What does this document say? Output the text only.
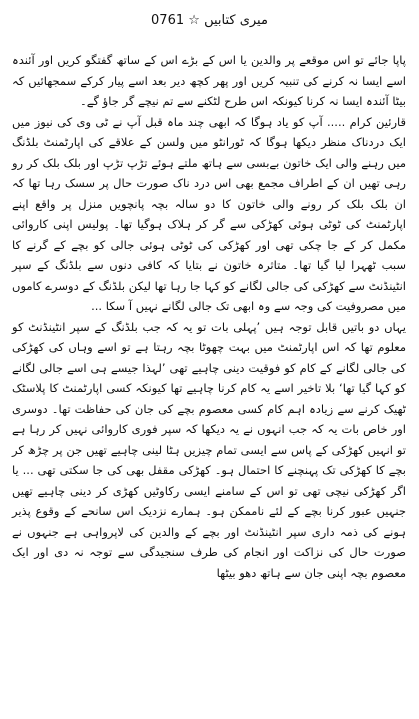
میری کتابیں ☆ 0761

پاپا جائے تو اس موقعے پر والدین یا اس کے بڑے اس کے ساتھ گفتگو کریں اور آئندہ اسے ایسا نہ کرنے کی تنبیہ کریں اور پھر کچھ دیر بعد اسے پیار کرکے سمجھائیں کہ بیٹا آئندہ ایسا نہ کرنا کیونکہ اس طرح لٹکنے سے تم نیچے گر جاؤ گے۔

قارئین کرام ..... آپ کو یاد ہوگا کہ ابھی چند ماہ قبل آپ نے ٹی وی کی نیوز میں ایک دردناک منظر دیکھا ہوگا کہ ٹورانٹو میں ولسن کے علاقے کی اپارٹمنٹ بلڈنگ میں رہنے والی ایک خاتون بےبسی سے ہاتھ ملتے ہوئے تڑپ تڑپ اور بلک بلک کر رو رہی تھیں ان کے اطراف مجمع بھی اس درد ناک صورت حال پر سسک رہا تھا کہ ان بلک بلک کر رونے والی خاتون کا دو سالہ بچہ پانچویں منزل پر واقع اپنے اپارٹمنٹ کی ٹوٹی ہوئی کھڑکی سے گر کر ہلاک ہوگیا تھا۔ پولیس اپنی کاروائی مکمل کر کے جا چکی تھی اور کھڑکی کی ٹوٹی ہوئی جالی کو بچے کے گرنے کا سبب ٹھہرا لیا گیا تھا۔ متاثرہ خاتون نے بتایا کہ کافی دنوں سے بلڈنگ کے سپر انٹینڈنٹ سے کھڑکی کی جالی لگانے کو کہا جا رہا تھا لیکن بلڈنگ کے دوسرے کاموں میں مصروفیت کی وجہ سے وہ ابھی تک جالی لگانے نہیں آ سکا ...

یہاں دو باتیں قابل توجہ ہیں ’پہلی بات تو یہ کہ جب بلڈنگ کے سپر انٹینڈنٹ کو معلوم تھا کہ اس اپارٹمنٹ میں بہت چھوٹا بچہ رہتا ہے تو اسے وہاں کی کھڑکی کی جالی لگانے کے کام کو فوقیت دینی چاہیے تھی ’لہذا جیسے ہی اسے جالی لگانے کو کہا گیا تھا‘ بلا تاخیر اسے یہ کام کرنا چاہیے تھا کیونکہ کسی اپارٹمنٹ کا پلاسٹک ٹھیک کرنے سے زیادہ اہم کام کسی معصوم بچے کی جان کی حفاظت تھا۔ دوسری اور خاص بات یہ کہ جب انہوں نے یہ دیکھا کہ سپر فوری کاروائی نہیں کر رہا ہے تو انہیں کھڑکی کے پاس سے ایسی تمام چیزیں ہٹا لینی چاہیے تھیں جن پر چڑھ کر بچے کا کھڑکی تک پہنچنے کا احتمال ہو۔ کھڑکی مقفل بھی کی جا سکتی تھی ... یا اگر کھڑکی نیچی تھی تو اس کے سامنے ایسی رکاوٹیں کھڑی کر دینی چاہیے تھیں جنہیں عبور کرنا بچے کے لئے ناممکن ہو۔ ہمارے نزدیک اس سانحے کے وقوع پذیر ہونے کی ذمہ داری سپر انٹینڈنٹ اور بچے کے والدین کی لاپرواہی ہے جنہوں نے صورت حال کی نزاکت اور انجام کی طرف سنجیدگی سے توجہ نہ دی اور ایک معصوم بچہ اپنی جان سے ہاتھ دھو بیٹھا
